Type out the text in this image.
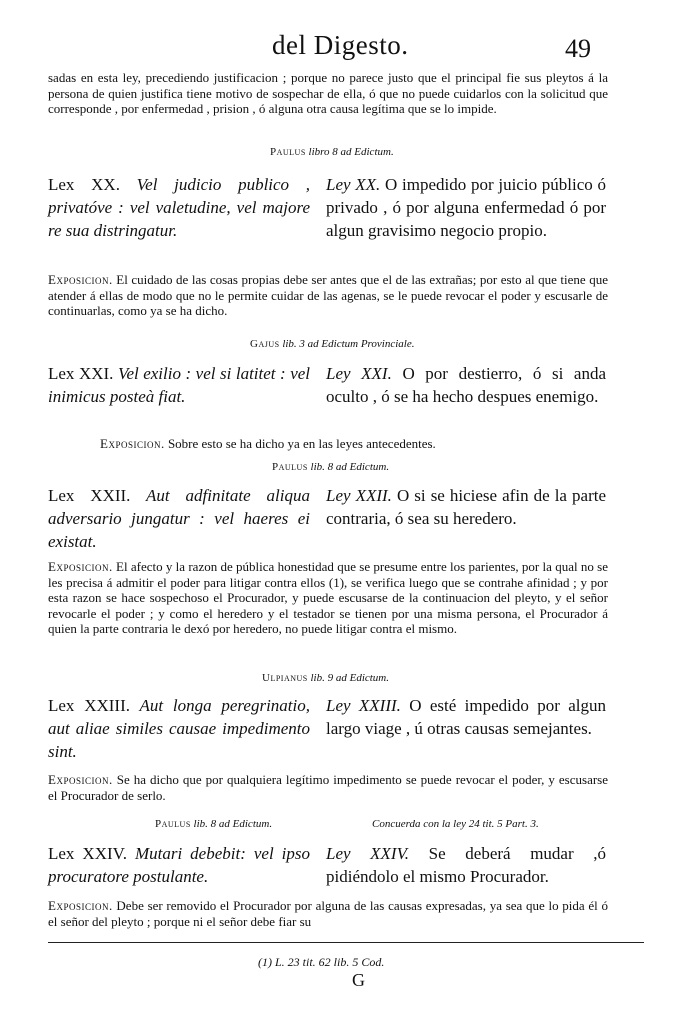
del Digesto.	49
sadas en esta ley, precediendo justificacion ; porque no parece justo que el principal fie sus pleytos á la persona de quien justifica tiene motivo de sospechar de ella, ó que no puede cuidarlos con la solicitud que corresponde , por enfermedad , prision , ó alguna otra causa legítima que se lo impide.
Paulus libro 8 ad Edictum.
Lex XX. Vel judicio publico , privatóve : vel valetudine, vel majore re sua distringatur.
Ley XX. O impedido por juicio público ó privado , ó por alguna enfermedad ó por algun gravisimo negocio propio.
Exposicion. El cuidado de las cosas propias debe ser antes que el de las extrañas; por esto al que tiene que atender á ellas de modo que no le permite cuidar de las agenas, se le puede revocar el poder y escusarle de continuarlas, como ya se ha dicho.
Gajus lib. 3 ad Edictum Provinciale.
Lex XXI. Vel exilio : vel si latitet : vel inimicus posteà fiat.
Ley XXI. O por destierro, ó si anda oculto , ó se ha hecho despues enemigo.
Exposicion. Sobre esto se ha dicho ya en las leyes antecedentes.
Paulus lib. 8 ad Edictum.
Lex XXII. Aut adfinitate aliqua adversario jungatur : vel haeres ei existat.
Ley XXII. O si se hiciese afin de la parte contraria, ó sea su heredero.
Exposicion. El afecto y la razon de pública honestidad que se presume entre los parientes, por la qual no se les precisa á admitir el poder para litigar contra ellos (1), se verifica luego que se contrahe afinidad ; y por esta razon se hace sospechoso el Procurador, y puede escusarse de la continuacion del pleyto, y el señor revocarle el poder ; y como el heredero y el testador se tienen por una misma persona, el Procurador á quien la parte contraria le dexó por heredero, no puede litigar contra el mismo.
Ulpianus lib. 9 ad Edictum.
Lex XXIII. Aut longa peregrinatio, aut aliae similes causae impedimento sint.
Ley XXIII. O esté impedido por algun largo viage , ú otras causas semejantes.
Exposicion. Se ha dicho que por qualquiera legítimo impedimento se puede revocar el poder, y escusarse el Procurador de serlo.
Paulus lib. 8 ad Edictum.	Concuerda con la ley 24 tit. 5 Part. 3.
Lex XXIV. Mutari debebit: vel ipso procuratore postulante.
Ley XXIV. Se deberá mudar ,ó pidiéndolo el mismo Procurador.
Exposicion. Debe ser removido el Procurador por alguna de las causas expresadas, ya sea que lo pida él ó el señor del pleyto ; porque ni el señor debe fiar su
(1) L. 23 tit. 62 lib. 5 Cod.
G
